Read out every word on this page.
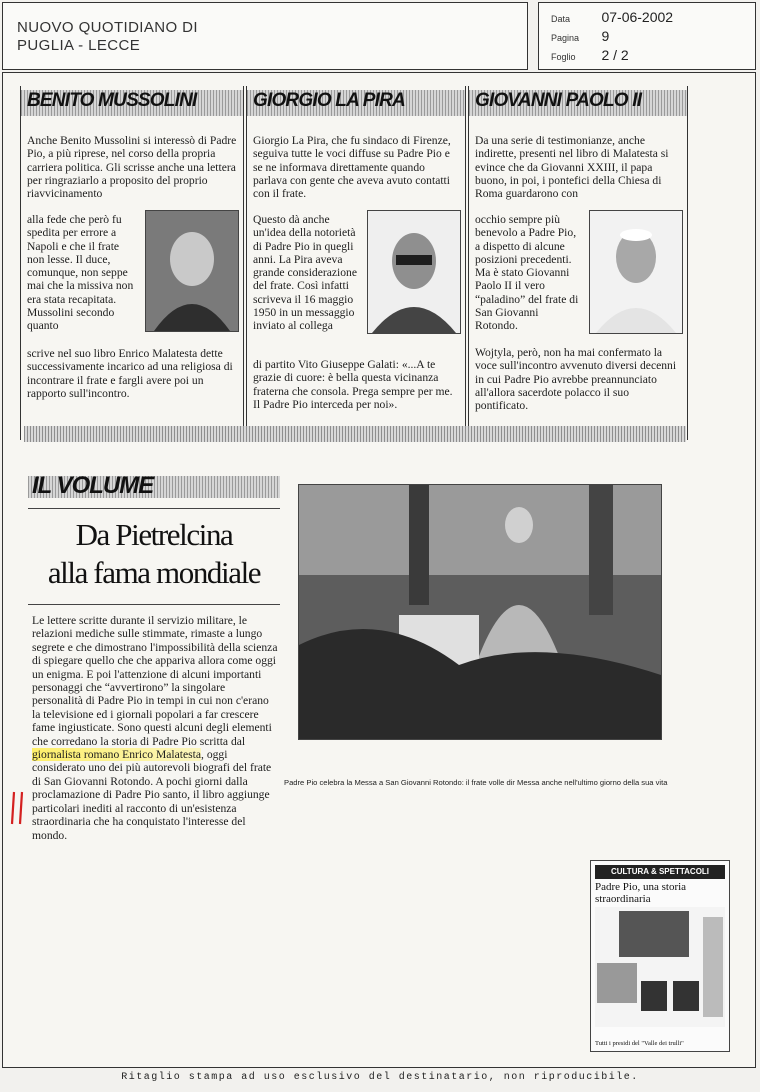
NUOVO QUOTIDIANO DI
PUGLIA - LECCE
Data 07-06-2002
Pagina 9
Foglio 2 / 2
BENITO MUSSOLINI
Anche Benito Mussolini si interessò di Padre Pio, a più riprese, nel corso della propria carriera politica. Gli scrisse anche una lettera per ringraziarlo a proposito del proprio riavvicinamento
alla fede che però fu spedita per errore a Napoli e che il frate non lesse. Il duce, comunque, non seppe mai che la missiva non era stata recapitata. Mussolini secondo quanto
scrive nel suo libro Enrico Malatesta dette successivamente incarico ad una religiosa di incontrare il frate e fargli avere poi un rapporto sull'incontro.
GIORGIO LA PIRA
Giorgio La Pira, che fu sindaco di Firenze, seguiva tutte le voci diffuse su Padre Pio e se ne informava direttamente quando parlava con gente che aveva avuto contatti con il frate.
Questo dà anche un'idea della notorietà di Padre Pio in quegli anni. La Pira aveva grande considerazione del frate. Così infatti scriveva il 16 maggio 1950 in un messaggio inviato al collega
di partito Vito Giuseppe Galati: «...A te grazie di cuore: è bella questa vicinanza fraterna che consola. Prega sempre per me. Il Padre Pio interceda per noi».
GIOVANNI PAOLO II
Da una serie di testimonianze, anche indirette, presenti nel libro di Malatesta si evince che da Giovanni XXIII, il papa buono, in poi, i pontefici della Chiesa di Roma guardarono con
occhio sempre più benevolo a Padre Pio, a dispetto di alcune posizioni precedenti. Ma è stato Giovanni Paolo II il vero “paladino” del frate di San Giovanni Rotondo.
Wojtyla, però, non ha mai confermato la voce sull'incontro avvenuto diversi decenni in cui Padre Pio avrebbe preannunciato all'allora sacerdote polacco il suo pontificato.
IL VOLUME
Da Pietrelcina
alla fama mondiale
Le lettere scritte durante il servizio militare, le relazioni mediche sulle stimmate, rimaste a lungo segrete e che dimostrano l'impossibilità della scienza di spiegare quello che che appariva allora come oggi un enigma. E poi l'attenzione di alcuni importanti personaggi che “avvertirono” la singolare personalità di Padre Pio in tempi in cui non c'erano la televisione ed i giornali popolari a far crescere fame ingiusticate. Sono questi alcuni degli elementi che corredano la storia di Padre Pio scritta dal giornalista romano Enrico Malatesta, oggi considerato uno dei più autorevoli biografi del frate di San Giovanni Rotondo. A pochi giorni dalla proclamazione di Padre Pio santo, il libro aggiunge particolari inediti al racconto di un'esistenza straordinaria che ha conquistato l'interesse del mondo.
Padre Pio celebra la Messa a San Giovanni Rotondo: il frate volle dir Messa anche nell'ultimo giorno della sua vita
CULTURA & SPETTACOLI
Padre Pio, una storia straordinaria
Tutti i presidi del "Valle dei trulli"
Ritaglio stampa ad uso esclusivo del destinatario, non riproducibile.
